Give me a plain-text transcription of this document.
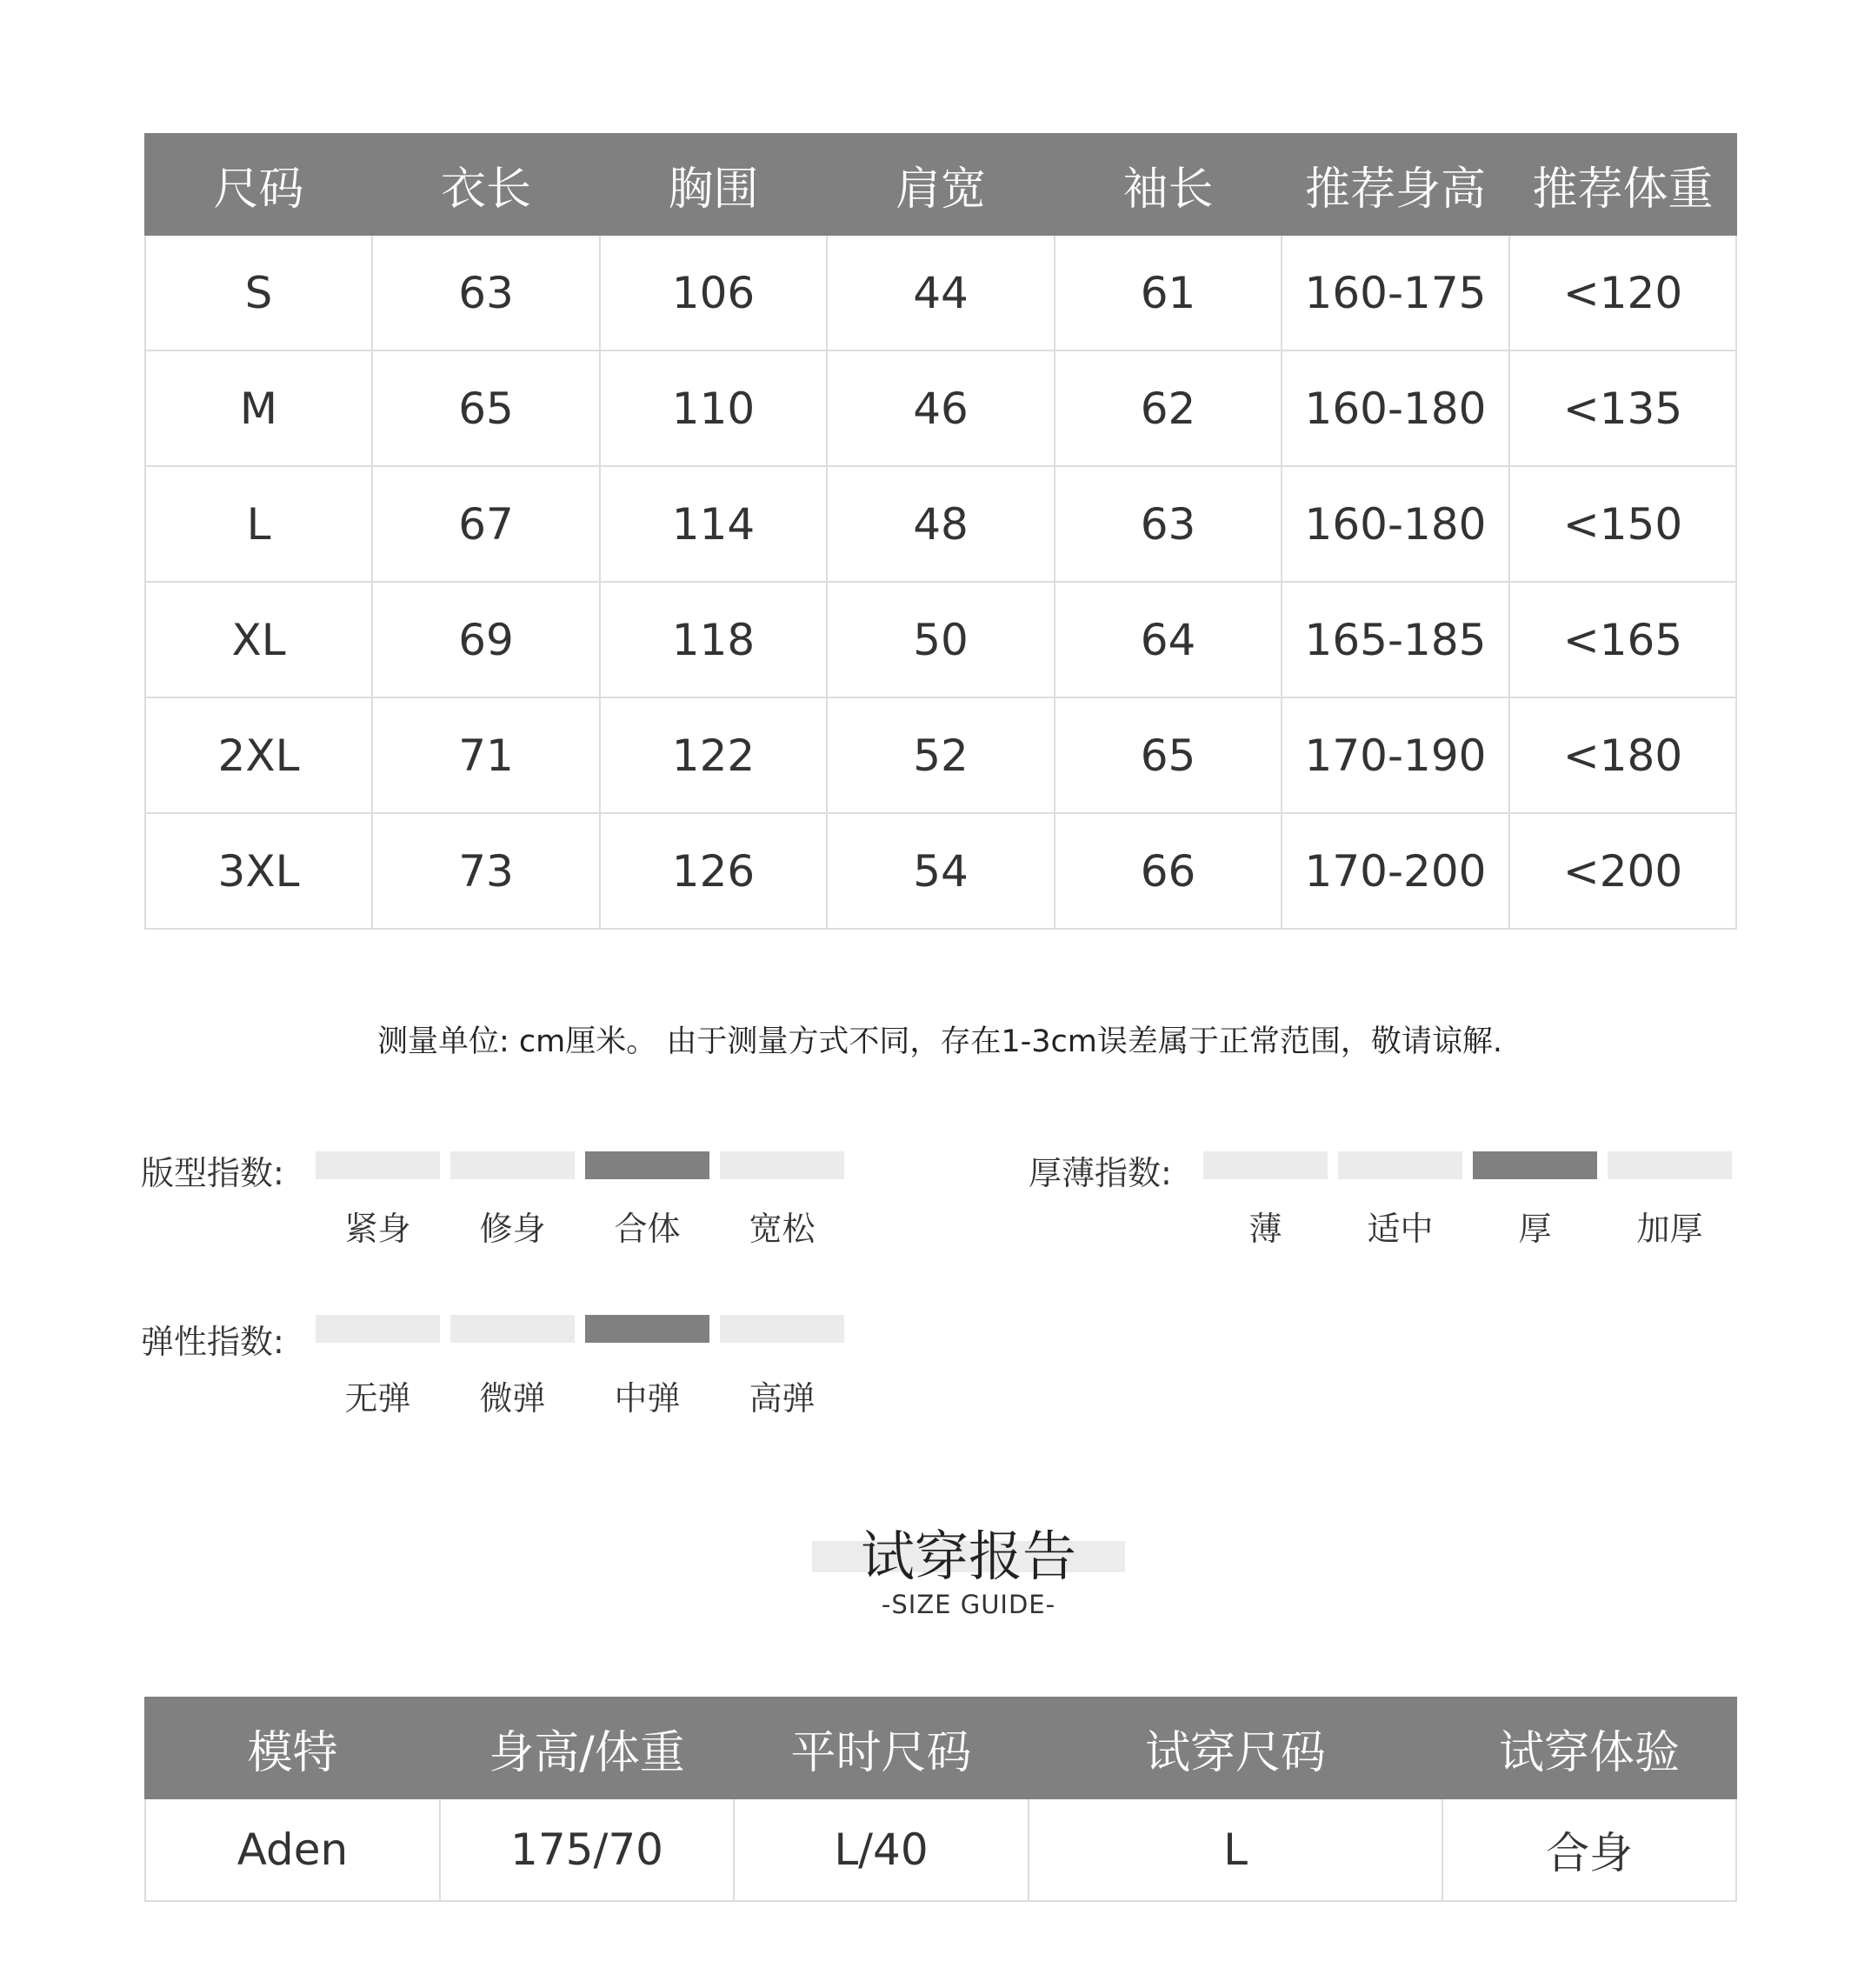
尺码	衣长	胸围	肩宽	袖长	推荐身高	推荐体重
S	63	106	44	61	160-175	<120
M	65	110	46	62	160-180	<135
L	67	114	48	63	160-180	<150
XL	69	118	50	64	165-185	<165
2XL	71	122	52	65	170-190	<180
3XL	73	126	54	66	170-200	<200
测量单位: cm厘米。 由于测量方式不同，存在1-3cm误差属于正常范围，敬请谅解.
版型指数:
紧身	修身	合体	宽松
厚薄指数:
薄	适中	厚	加厚
弹性指数:
无弹	微弹	中弹	高弹
试穿报告
-SIZE GUIDE-
模特	身高/体重	平时尺码	试穿尺码	试穿体验
Aden	175/70	L/40	L	合身
